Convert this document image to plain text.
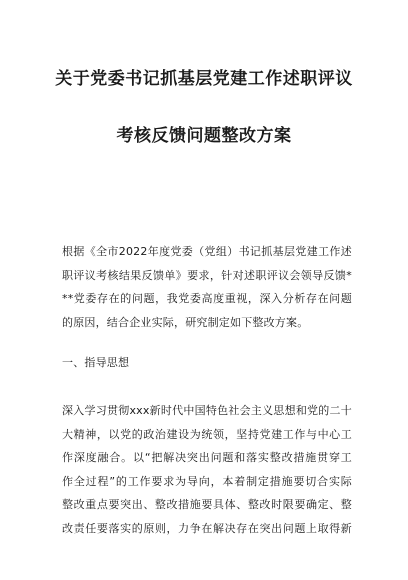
关于党委书记抓基层党建工作述职评议
考核反馈问题整改方案
根据《全市2022年度党委（党组）书记抓基层党建工作述
职评议考核结果反馈单》要求，针对述职评议会领导反馈*
**党委存在的问题，我党委高度重视，深入分析存在问题
的原因，结合企业实际，研究制定如下整改方案。
一、指导思想
深入学习贯彻xxx新时代中国特色社会主义思想和党的二十
大精神，以党的政治建设为统领，坚持党建工作与中心工
作深度融合。以“把解决突出问题和落实整改措施贯穿工
作全过程”的工作要求为导向，本着制定措施要切合实际
整改重点要突出、整改措施要具体、整改时限要确定、整
改责任要落实的原则，力争在解决存在突出问题上取得新
